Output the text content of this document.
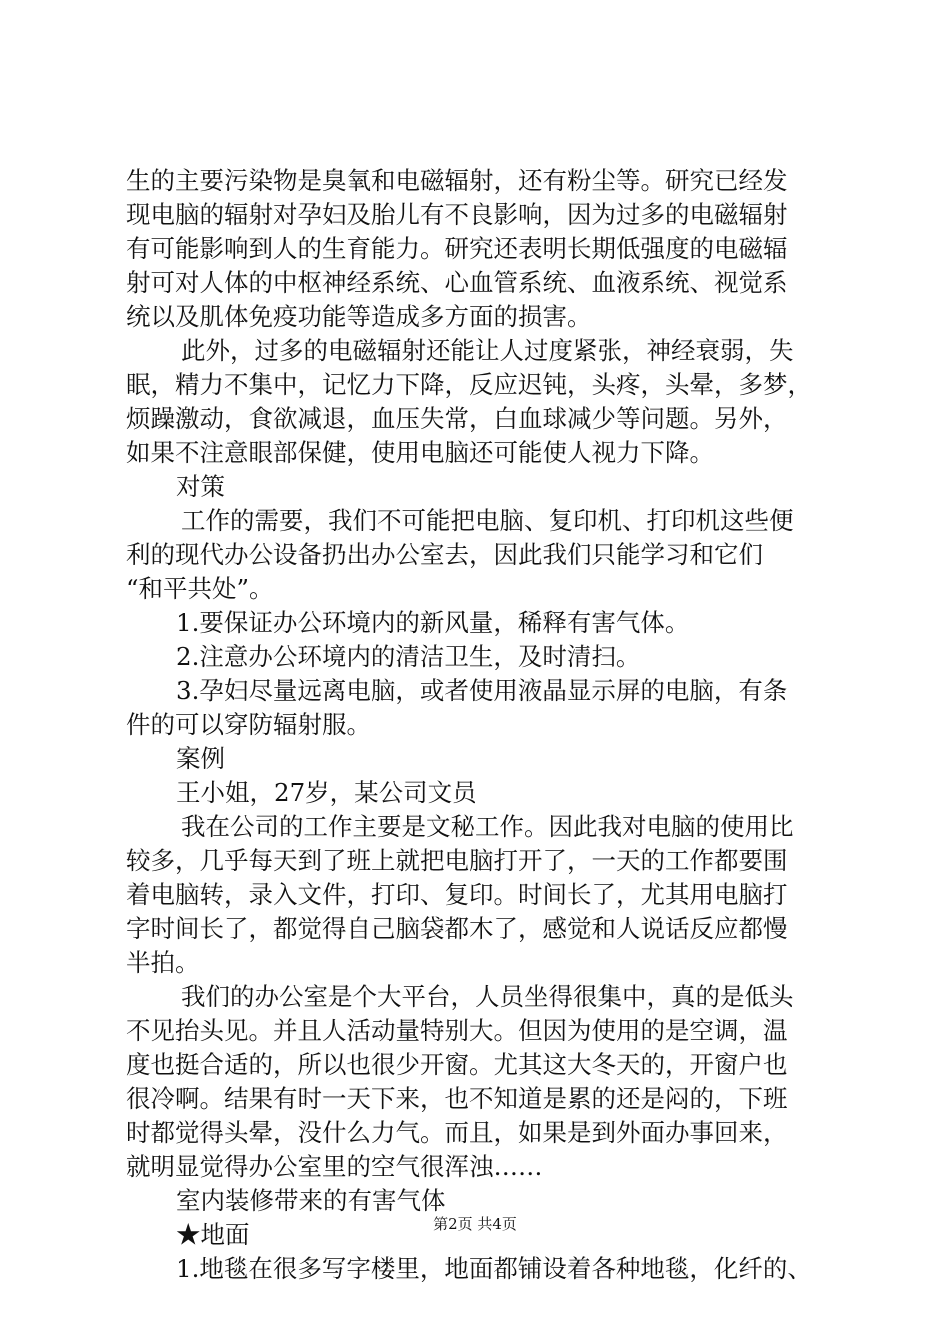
生的主要污染物是臭氧和电磁辐射，还有粉尘等。研究已经发
现电脑的辐射对孕妇及胎儿有不良影响，因为过多的电磁辐射
有可能影响到人的生育能力。研究还表明长期低强度的电磁辐
射可对人体的中枢神经系统、心血管系统、血液系统、视觉系
统以及肌体免疫功能等造成多方面的损害。
此外，过多的电磁辐射还能让人过度紧张，神经衰弱，失
眠，精力不集中，记忆力下降，反应迟钝，头疼，头晕，多梦，
烦躁激动，食欲减退，血压失常，白血球减少等问题。另外，
如果不注意眼部保健，使用电脑还可能使人视力下降。
对策
工作的需要，我们不可能把电脑、复印机、打印机这些便
利的现代办公设备扔出办公室去，因此我们只能学习和它们
“和平共处”。
1.要保证办公环境内的新风量，稀释有害气体。
2.注意办公环境内的清洁卫生，及时清扫。
3.孕妇尽量远离电脑，或者使用液晶显示屏的电脑，有条
件的可以穿防辐射服。
案例
王小姐，27岁，某公司文员
我在公司的工作主要是文秘工作。因此我对电脑的使用比
较多，几乎每天到了班上就把电脑打开了，一天的工作都要围
着电脑转，录入文件，打印、复印。时间长了，尤其用电脑打
字时间长了，都觉得自己脑袋都木了，感觉和人说话反应都慢
半拍。
我们的办公室是个大平台，人员坐得很集中，真的是低头
不见抬头见。并且人活动量特别大。但因为使用的是空调，温
度也挺合适的，所以也很少开窗。尤其这大冬天的，开窗户也
很冷啊。结果有时一天下来，也不知道是累的还是闷的，下班
时都觉得头晕，没什么力气。而且，如果是到外面办事回来，
就明显觉得办公室里的空气很浑浊……
室内装修带来的有害气体
★地面
1.地毯在很多写字楼里，地面都铺设着各种地毯，化纤的、
第2页 共4页
